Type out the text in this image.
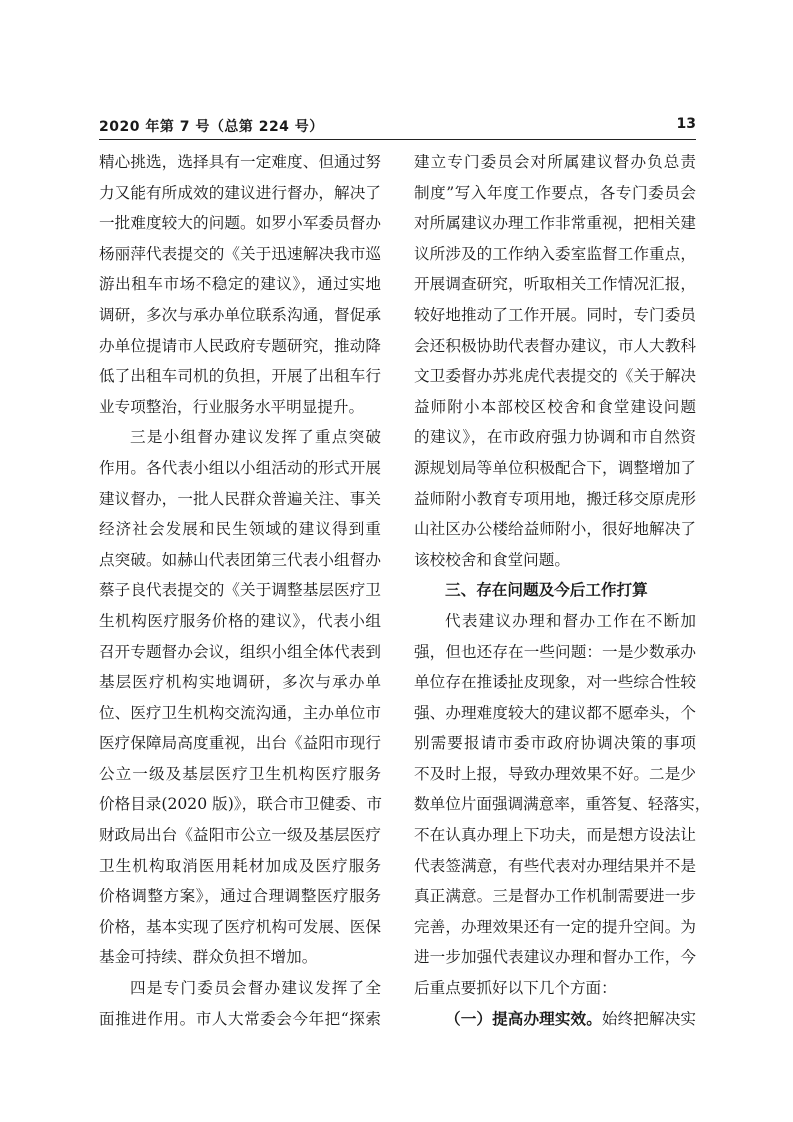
2020 年第 7 号（总第 224 号）	13
精心挑选，选择具有一定难度、但通过努
力又能有所成效的建议进行督办，解决了
一批难度较大的问题。如罗小军委员督办
杨丽萍代表提交的《关于迅速解决我市巡
游出租车市场不稳定的建议》，通过实地
调研，多次与承办单位联系沟通，督促承
办单位提请市人民政府专题研究，推动降
低了出租车司机的负担，开展了出租车行
业专项整治，行业服务水平明显提升。
三是小组督办建议发挥了重点突破
作用。各代表小组以小组活动的形式开展
建议督办，一批人民群众普遍关注、事关
经济社会发展和民生领域的建议得到重
点突破。如赫山代表团第三代表小组督办
蔡子良代表提交的《关于调整基层医疗卫
生机构医疗服务价格的建议》，代表小组
召开专题督办会议，组织小组全体代表到
基层医疗机构实地调研，多次与承办单
位、医疗卫生机构交流沟通，主办单位市
医疗保障局高度重视，出台《益阳市现行
公立一级及基层医疗卫生机构医疗服务
价格目录(2020 版)》，联合市卫健委、市
财政局出台《益阳市公立一级及基层医疗
卫生机构取消医用耗材加成及医疗服务
价格调整方案》，通过合理调整医疗服务
价格，基本实现了医疗机构可发展、医保
基金可持续、群众负担不增加。
四是专门委员会督办建议发挥了全
面推进作用。市人大常委会今年把“探索
建立专门委员会对所属建议督办负总责
制度”写入年度工作要点，各专门委员会
对所属建议办理工作非常重视，把相关建
议所涉及的工作纳入委室监督工作重点，
开展调查研究，听取相关工作情况汇报，
较好地推动了工作开展。同时，专门委员
会还积极协助代表督办建议，市人大教科
文卫委督办苏兆虎代表提交的《关于解决
益师附小本部校区校舍和食堂建设问题
的建议》，在市政府强力协调和市自然资
源规划局等单位积极配合下，调整增加了
益师附小教育专项用地，搬迁移交原虎形
山社区办公楼给益师附小，很好地解决了
该校校舍和食堂问题。
三、存在问题及今后工作打算
代表建议办理和督办工作在不断加
强，但也还存在一些问题：一是少数承办
单位存在推诿扯皮现象，对一些综合性较
强、办理难度较大的建议都不愿牵头，个
别需要报请市委市政府协调决策的事项
不及时上报，导致办理效果不好。二是少
数单位片面强调满意率，重答复、轻落实，
不在认真办理上下功夫，而是想方设法让
代表签满意，有些代表对办理结果并不是
真正满意。三是督办工作机制需要进一步
完善，办理效果还有一定的提升空间。为
进一步加强代表建议办理和督办工作，今
后重点要抓好以下几个方面：
（一）提高办理实效。始终把解决实
